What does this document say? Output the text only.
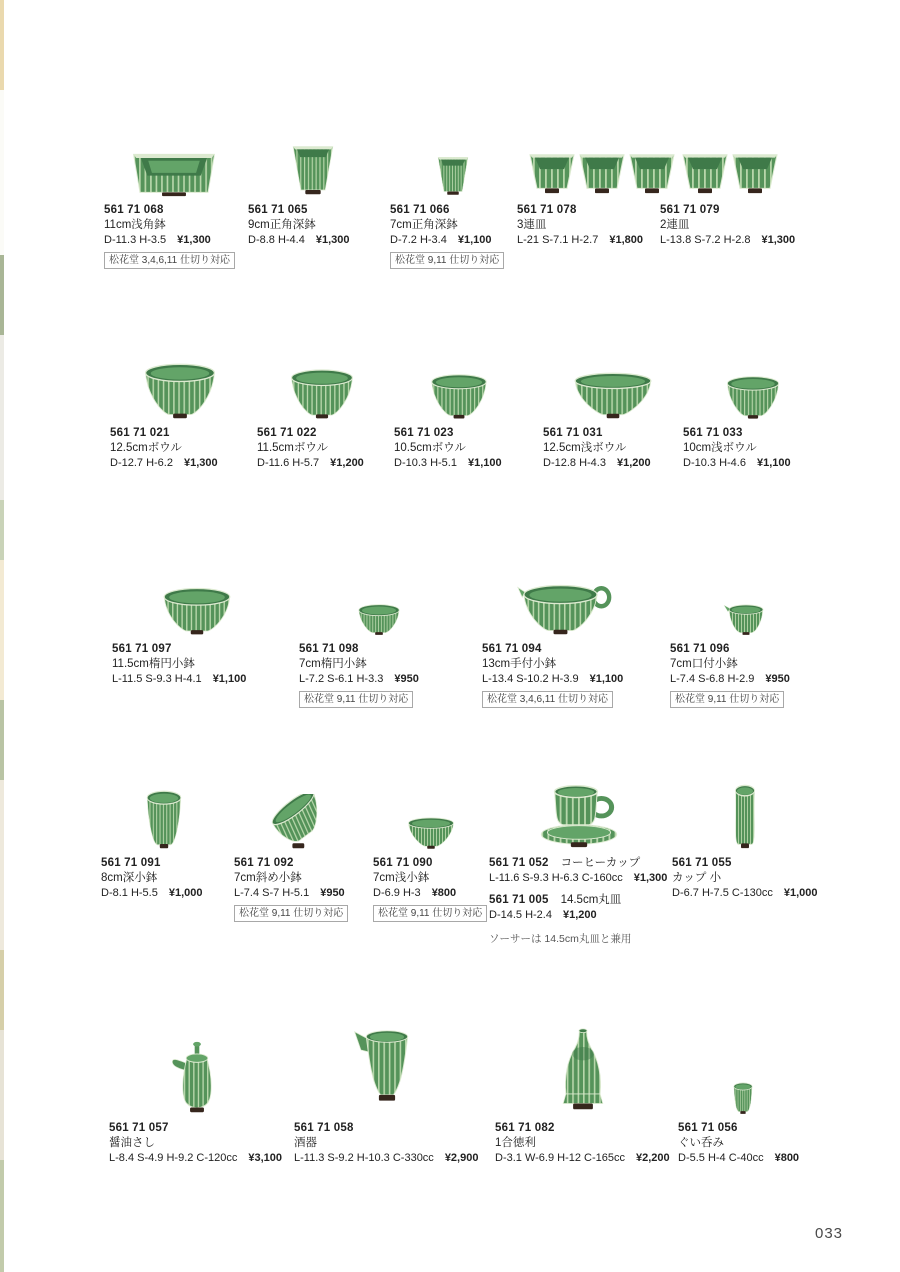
561 71 068
11cm浅角鉢
D-11.3 H-3.5 ¥1,300
松花堂 3,4,6,11 仕切り対応
561 71 065
9cm正角深鉢
D-8.8 H-4.4 ¥1,300
561 71 066
7cm正角深鉢
D-7.2 H-3.4 ¥1,100
松花堂 9,11 仕切り対応
561 71 078
3連皿
L-21 S-7.1 H-2.7 ¥1,800
561 71 079
2連皿
L-13.8 S-7.2 H-2.8 ¥1,300
561 71 021
12.5cmボウル
D-12.7 H-6.2 ¥1,300
561 71 022
11.5cmボウル
D-11.6 H-5.7 ¥1,200
561 71 023
10.5cmボウル
D-10.3 H-5.1 ¥1,100
561 71 031
12.5cm浅ボウル
D-12.8 H-4.3 ¥1,200
561 71 033
10cm浅ボウル
D-10.3 H-4.6 ¥1,100
561 71 097
11.5cm楕円小鉢
L-11.5 S-9.3 H-4.1 ¥1,100
561 71 098
7cm楕円小鉢
L-7.2 S-6.1 H-3.3 ¥950
松花堂 9,11 仕切り対応
561 71 094
13cm手付小鉢
L-13.4 S-10.2 H-3.9 ¥1,100
松花堂 3,4,6,11 仕切り対応
561 71 096
7cm口付小鉢
L-7.4 S-6.8 H-2.9 ¥950
松花堂 9,11 仕切り対応
561 71 091
8cm深小鉢
D-8.1 H-5.5 ¥1,000
561 71 092
7cm斜め小鉢
L-7.4 S-7 H-5.1 ¥950
松花堂 9,11 仕切り対応
561 71 090
7cm浅小鉢
D-6.9 H-3 ¥800
松花堂 9,11 仕切り対応
561 71 052 コーヒーカップ
L-11.6 S-9.3 H-6.3 C-160cc ¥1,300
561 71 005 14.5cm丸皿
D-14.5 H-2.4 ¥1,200
ソーサーは 14.5cm丸皿と兼用
561 71 055
カップ 小
D-6.7 H-7.5 C-130cc ¥1,000
561 71 057
醤油さし
L-8.4 S-4.9 H-9.2 C-120cc ¥3,100
561 71 058
酒器
L-11.3 S-9.2 H-10.3 C-330cc ¥2,900
561 71 082
1合徳利
D-3.1 W-6.9 H-12 C-165cc ¥2,200
561 71 056
ぐい呑み
D-5.5 H-4 C-40cc ¥800
033
